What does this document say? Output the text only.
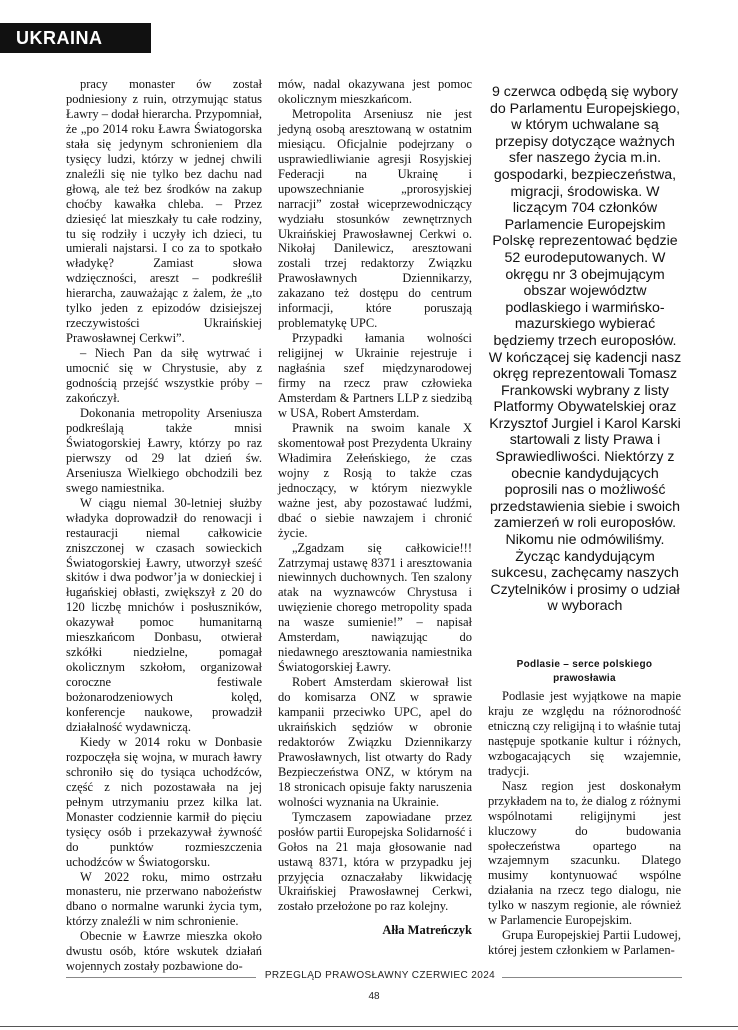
UKRAINA

pracy monaster ów został podniesiony z ruin, otrzymując status Ławry – dodał hierarcha. Przypomniał, że „po 2014 roku Ławra Światogorska stała się jedynym schronieniem dla tysięcy ludzi, którzy w jednej chwili znaleźli się nie tylko bez dachu nad głową, ale też bez środków na zakup choćby kawałka chleba. – Przez dziesięć lat mieszkały tu całe rodziny, tu się rodziły i uczyły ich dzieci, tu umierali najstarsi. I co za to spotkało władykę? Zamiast słowa wdzięczności, areszt – podkreślił hierarcha, zauważając z żalem, że „to tylko jeden z epizodów dzisiejszej rzeczywistości Ukraińskiej Prawosławnej Cerkwi”.

– Niech Pan da siłę wytrwać i umocnić się w Chrystusie, aby z godnością przejść wszystkie próby – zakończył.

Dokonania metropolity Arseniusza podkreślają także mnisi Światogorskiej Ławry, którzy po raz pierwszy od 29 lat dzień św. Arseniusza Wielkiego obchodzili bez swego namiestnika.

W ciągu niemal 30-letniej służby władyka doprowadził do renowacji i restauracji niemal całkowicie zniszczonej w czasach sowieckich Światogorskiej Ławry, utworzył sześć skitów i dwa podwor’ja w donieckiej i ługańskiej obłasti, zwiększył z 20 do 120 liczbę mnichów i posłuszników, okazywał pomoc humanitarną mieszkańcom Donbasu, otwierał szkółki niedzielne, pomagał okolicznym szkołom, organizował coroczne festiwale bożonarodzeniowych kolęd, konferencje naukowe, prowadził działalność wydawniczą.

Kiedy w 2014 roku w Donbasie rozpoczęła się wojna, w murach ławry schroniło się do tysiąca uchodźców, część z nich pozostawała na jej pełnym utrzymaniu przez kilka lat. Monaster codziennie karmił do pięciu tysięcy osób i przekazywał żywność do punktów rozmieszczenia uchodźców w Światogorsku.

W 2022 roku, mimo ostrzału monasteru, nie przerwano nabożeństw dbano o normalne warunki życia tym, którzy znaleźli w nim schronienie.

Obecnie w Ławrze mieszka około dwustu osób, które wskutek działań wojennych zostały pozbawione do-

mów, nadal okazywana jest pomoc okolicznym mieszkańcom.

Metropolita Arseniusz nie jest jedyną osobą aresztowaną w ostatnim miesiącu. Oficjalnie podejrzany o usprawiedliwianie agresji Rosyjskiej Federacji na Ukrainę i upowszechnianie „prorosyjskiej narracji” został wiceprzewodniczący wydziału stosunków zewnętrznych Ukraińskiej Prawosławnej Cerkwi o. Nikołaj Danilewicz, aresztowani zostali trzej redaktorzy Związku Prawosławnych Dziennikarzy, zakazano też dostępu do centrum informacji, które poruszają problematykę UPC.

Przypadki łamania wolności religijnej w Ukrainie rejestruje i nagłaśnia szef międzynarodowej firmy na rzecz praw człowieka Amsterdam & Partners LLP z siedzibą w USA, Robert Amsterdam.

Prawnik na swoim kanale X skomentował post Prezydenta Ukrainy Władimira Zełeńskiego, że czas wojny z Rosją to także czas jednoczący, w którym niezwykle ważne jest, aby pozostawać ludźmi, dbać o siebie nawzajem i chronić życie.

„Zgadzam się całkowicie!!! Zatrzymaj ustawę 8371 i aresztowania niewinnych duchownych. Ten szalony atak na wyznawców Chrystusa i uwięzienie chorego metropolity spada na wasze sumienie!” – napisał Amsterdam, nawiązując do niedawnego aresztowania namiestnika Światogorskiej Ławry.

Robert Amsterdam skierował list do komisarza ONZ w sprawie kampanii przeciwko UPC, apel do ukraińskich sędziów w obronie redaktorów Związku Dziennikarzy Prawosławnych, list otwarty do Rady Bezpieczeństwa ONZ, w którym na 18 stronicach opisuje fakty naruszenia wolności wyznania na Ukrainie.

Tymczasem zapowiadane przez posłów partii Europejska Solidarność i Gołos na 21 maja głosowanie nad ustawą 8371, która w przypadku jej przyjęcia oznaczałaby likwidację Ukraińskiej Prawosławnej Cerkwi, zostało przełożone po raz kolejny.

Ałła Matreńczyk
9 czerwca odbędą się wybory do Parlamentu Europejskiego, w którym uchwalane są przepisy dotyczące ważnych sfer naszego życia m.in. gospodarki, bezpieczeństwa, migracji, środowiska. W liczącym 704 członków Parlamencie Europejskim Polskę reprezentować będzie 52 eurodeputowanych. W okręgu nr 3 obejmującym obszar województw podlaskiego i warmińsko-mazurskiego wybierać będziemy trzech europosłów. W kończącej się kadencji nasz okręg reprezentowali Tomasz Frankowski wybrany z listy Platformy Obywatelskiej oraz Krzysztof Jurgiel i Karol Karski startowali z listy Prawa i Sprawiedliwości. Niektórzy z obecnie kandydujących poprosili nas o możliwość przedstawienia siebie i swoich zamierzeń w roli europosłów. Nikomu nie odmówiliśmy. Życząc kandydującym sukcesu, zachęcamy naszych Czytelników i prosimy o udział w wyborach
Podlasie – serce polskiego
prawosławia

Podlasie jest wyjątkowe na mapie kraju ze względu na różnorodność etniczną czy religijną i to właśnie tutaj następuje spotkanie kultur i różnych, wzbogacających się wzajemnie, tradycji.

Nasz region jest doskonałym przykładem na to, że dialog z różnymi wspólnotami religijnymi jest kluczowy do budowania społeczeństwa opartego na wzajemnym szacunku. Dlatego musimy kontynuować wspólne działania na rzecz tego dialogu, nie tylko w naszym regionie, ale również w Parlamencie Europejskim.

Grupa Europejskiej Partii Ludowej, której jestem członkiem w Parlamen-

PRZEGLĄD PRAWOSŁAWNY CZERWIEC 2024
48
